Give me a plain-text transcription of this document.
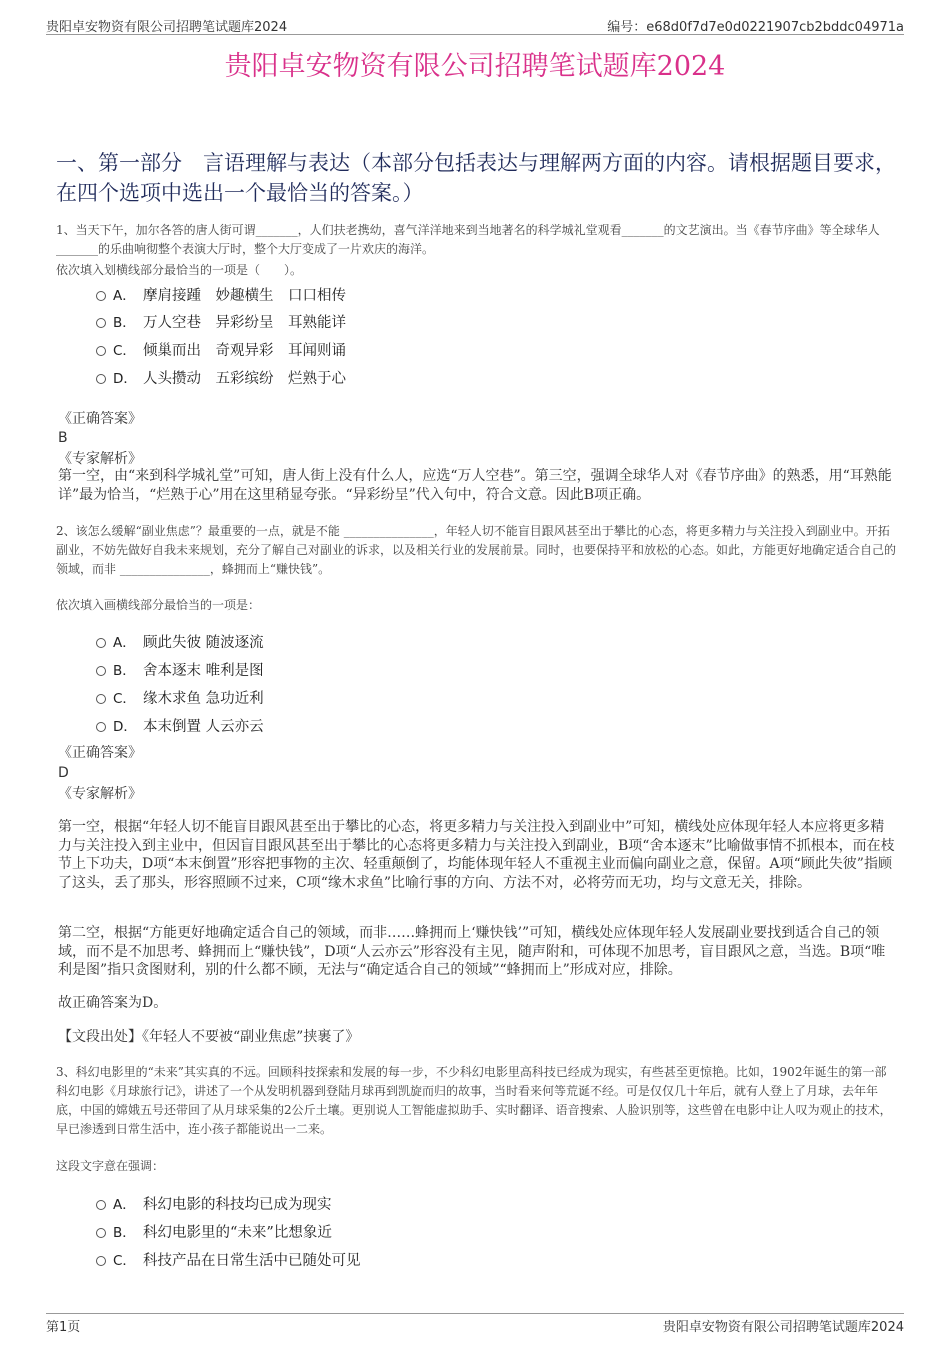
贵阳卓安物资有限公司招聘笔试题库2024	编号：e68d0f7d7e0d0221907cb2bddc04971a
贵阳卓安物资有限公司招聘笔试题库2024
一、第一部分　言语理解与表达（本部分包括表达与理解两方面的内容。请根据题目要求，在四个选项中选出一个最恰当的答案。）
1、当天下午，加尔各答的唐人街可谓_______，人们扶老携幼，喜气洋洋地来到当地著名的科学城礼堂观看_______的文艺演出。当《春节序曲》等全球华人_______的乐曲响彻整个表演大厅时，整个大厅变成了一片欢庆的海洋。
依次填入划横线部分最恰当的一项是（　　）。
A． 摩肩接踵　妙趣横生　口口相传
B． 万人空巷　异彩纷呈　耳熟能详
C． 倾巢而出　奇观异彩　耳闻则诵
D． 人头攒动　五彩缤纷　烂熟于心
《正确答案》
B
《专家解析》
第一空，由“来到科学城礼堂”可知，唐人街上没有什么人，应选“万人空巷”。第三空，强调全球华人对《春节序曲》的熟悉，用“耳熟能详”最为恰当，“烂熟于心”用在这里稍显夸张。“异彩纷呈”代入句中，符合文意。因此B项正确。
2、该怎么缓解“副业焦虑”？最重要的一点，就是不能 _______________，年轻人切不能盲目跟风甚至出于攀比的心态，将更多精力与关注投入到副业中。开拓副业，不妨先做好自我未来规划，充分了解自己对副业的诉求，以及相关行业的发展前景。同时，也要保持平和放松的心态。如此，方能更好地确定适合自己的领域，而非 _______________，蜂拥而上“赚快钱”。
依次填入画横线部分最恰当的一项是：
A． 顾此失彼 随波逐流
B． 舍本逐末 唯利是图
C． 缘木求鱼 急功近利
D． 本末倒置 人云亦云
《正确答案》
D
《专家解析》
第一空，根据“年轻人切不能盲目跟风甚至出于攀比的心态，将更多精力与关注投入到副业中”可知，横线处应体现年轻人本应将更多精力与关注投入到主业中，但因盲目跟风甚至出于攀比的心态将更多精力与关注投入到副业，B项“舍本逐末”比喻做事情不抓根本，而在枝节上下功夫，D项“本末倒置”形容把事物的主次、轻重颠倒了，均能体现年轻人不重视主业而偏向副业之意，保留。A项“顾此失彼”指顾了这头，丢了那头，形容照顾不过来，C项“缘木求鱼”比喻行事的方向、方法不对，必将劳而无功，均与文意无关，排除。
第二空，根据“方能更好地确定适合自己的领域，而非……蜂拥而上‘赚快钱’”可知，横线处应体现年轻人发展副业要找到适合自己的领域，而不是不加思考、蜂拥而上“赚快钱”，D项“人云亦云”形容没有主见，随声附和，可体现不加思考，盲目跟风之意，当选。B项“唯利是图”指只贪图财利，别的什么都不顾，无法与“确定适合自己的领域”“蜂拥而上”形成对应，排除。
故正确答案为D。
【文段出处】《年轻人不要被“副业焦虑”挟裹了》
3、科幻电影里的“未来”其实真的不远。回顾科技探索和发展的每一步，不少科幻电影里高科技已经成为现实，有些甚至更惊艳。比如，1902年诞生的第一部科幻电影《月球旅行记》，讲述了一个从发明机器到登陆月球再到凯旋而归的故事，当时看来何等荒诞不经。可是仅仅几十年后，就有人登上了月球，去年年底，中国的嫦娥五号还带回了从月球采集的2公斤土壤。更别说人工智能虚拟助手、实时翻译、语音搜索、人脸识别等，这些曾在电影中让人叹为观止的技术，早已渗透到日常生活中，连小孩子都能说出一二来。
这段文字意在强调：
A． 科幻电影的科技均已成为现实
B． 科幻电影里的“未来”比想象近
C． 科技产品在日常生活中已随处可见
第1页	贵阳卓安物资有限公司招聘笔试题库2024
